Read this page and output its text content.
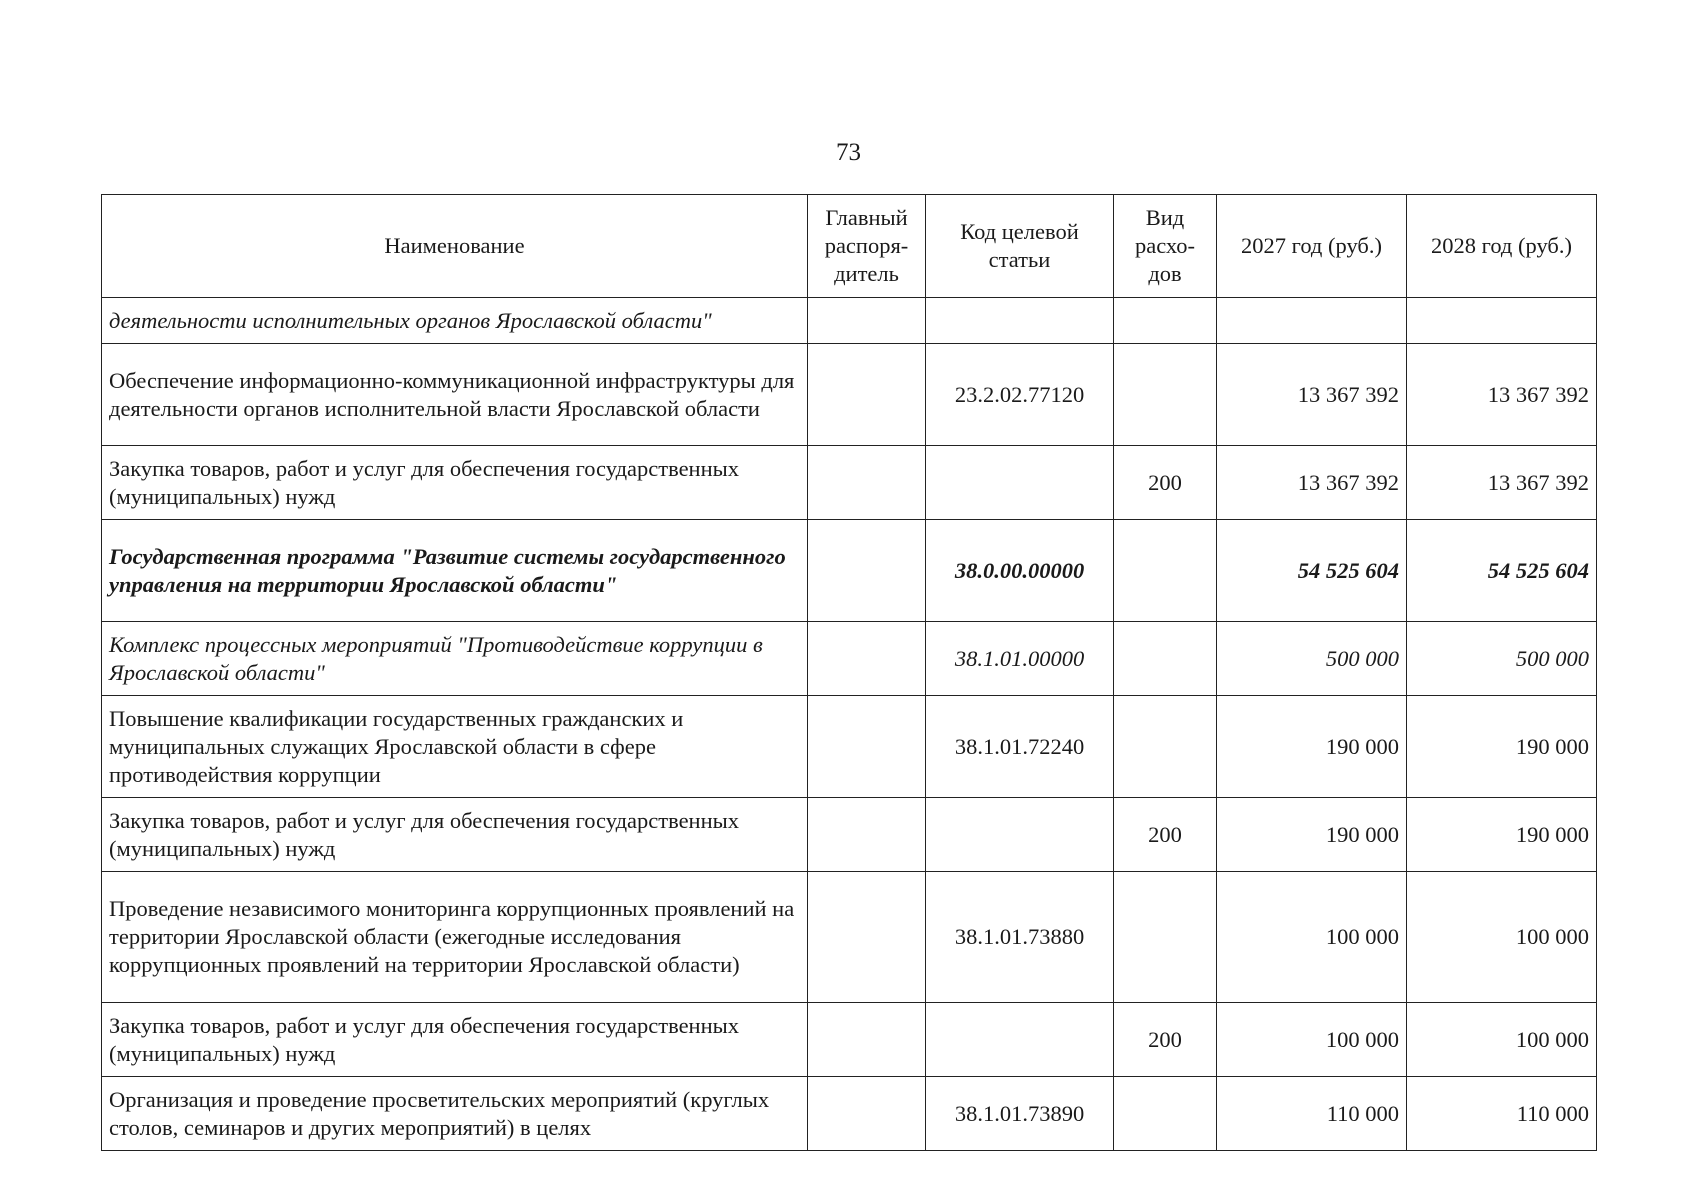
73
Наименование	Главный распоря-дитель	Код целевой статьи	Вид расхо-дов	2027 год (руб.)	2028 год (руб.)
деятельности исполнительных органов Ярославской области"					
Обеспечение информационно-коммуникационной инфраструктуры для деятельности органов исполнительной власти Ярославской области		23.2.02.77120		13 367 392	13 367 392
Закупка товаров, работ и услуг для обеспечения государственных (муниципальных) нужд			200	13 367 392	13 367 392
Государственная программа "Развитие системы государственного управления на территории Ярославской области"		38.0.00.00000		54 525 604	54 525 604
Комплекс процессных мероприятий "Противодействие коррупции в Ярославской области"		38.1.01.00000		500 000	500 000
Повышение квалификации государственных гражданских и муниципальных служащих Ярославской области в сфере противодействия коррупции		38.1.01.72240		190 000	190 000
Закупка товаров, работ и услуг для обеспечения государственных (муниципальных) нужд			200	190 000	190 000
Проведение независимого мониторинга коррупционных проявлений на территории Ярославской области (ежегодные исследования коррупционных проявлений на территории Ярославской области)		38.1.01.73880		100 000	100 000
Закупка товаров, работ и услуг для обеспечения государственных (муниципальных) нужд			200	100 000	100 000
Организация и проведение просветительских мероприятий (круглых столов, семинаров и других мероприятий) в целях		38.1.01.73890		110 000	110 000
